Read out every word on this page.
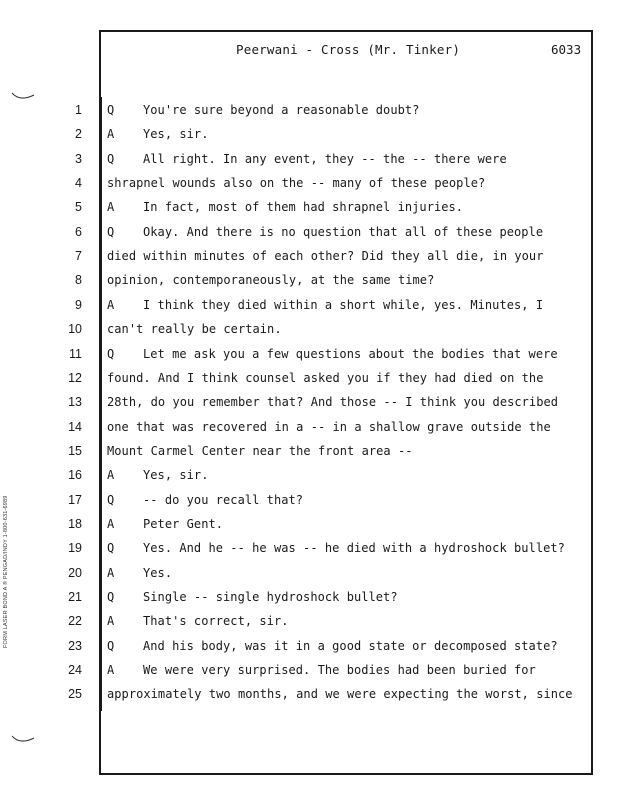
Peerwani - Cross (Mr. Tinker)	6033
FORM LASER BOND A ® PENGAD/INDY 1-800-631-6989
1 Q You're sure beyond a reasonable doubt?
2 A Yes, sir.
3 Q All right. In any event, they -- the -- there were
4 shrapnel wounds also on the -- many of these people?
5 A In fact, most of them had shrapnel injuries.
6 Q Okay. And there is no question that all of these people
7 died within minutes of each other? Did they all die, in your
8 opinion, contemporaneously, at the same time?
9 A I think they died within a short while, yes. Minutes, I
10 can't really be certain.
11 Q Let me ask you a few questions about the bodies that were
12 found. And I think counsel asked you if they had died on the
13 28th, do you remember that? And those -- I think you described
14 one that was recovered in a -- in a shallow grave outside the
15 Mount Carmel Center near the front area --
16 A Yes, sir.
17 Q -- do you recall that?
18 A Peter Gent.
19 Q Yes. And he -- he was -- he died with a hydroshock bullet?
20 A Yes.
21 Q Single -- single hydroshock bullet?
22 A That's correct, sir.
23 Q And his body, was it in a good state or decomposed state?
24 A We were very surprised. The bodies had been buried for
25 approximately two months, and we were expecting the worst, since
